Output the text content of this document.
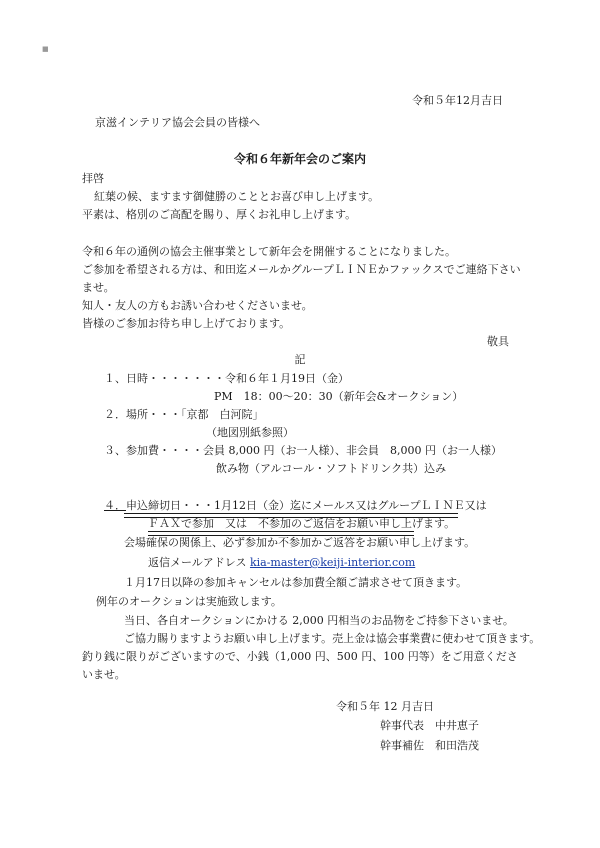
■
令和５年12月吉日
京滋インテリア協会会員の皆様へ
令和６年新年会のご案内
拝啓
紅葉の候、ますます御健勝のこととお喜び申し上げます。
平素は、格別のご高配を賜り、厚くお礼申し上げます。
令和６年の通例の協会主催事業として新年会を開催することになりました。
ご参加を希望される方は、和田迄メールかグループＬＩＮＥかファックスでご連絡下さい
ませ。
知人・友人の方もお誘い合わせくださいませ。
皆様のご参加お待ち申し上げております。
敬具
記
１、日時・・・・・・・令和６年１月19日（金）
PM　18：00〜20：30（新年会&オークション）
２．場所・・・「京都　白河院」
（地図別紙参照）
３、参加費・・・・会員 8,000 円（お一人様）、非会員　8,000 円（お一人様）
飲み物（アルコール・ソフトドリンク共）込み
４．申込締切日・・・1月12日（金）迄にメールス又はグループＬＩＮＥ又は
ＦＡＸで参加　又は　不参加のご返信をお願い申し上げます。
会場確保の関係上、必ず参加か不参加かご返答をお願い申し上げます。
返信メールアドレス kia-master@keiji-interior.com
１月17日以降の参加キャンセルは参加費全額ご請求させて頂きます。
例年のオークションは実施致します。
当日、各自オークションにかける 2,000 円相当のお品物をご持参下さいませ。
ご協力賜りますようお願い申し上げます。売上金は協会事業費に使わせて頂きます。
釣り銭に限りがございますので、小銭（1,000 円、500 円、100 円等）をご用意くださ
いませ。
令和５年 12 月吉日
幹事代表　中井恵子
幹事補佐　和田浩茂
